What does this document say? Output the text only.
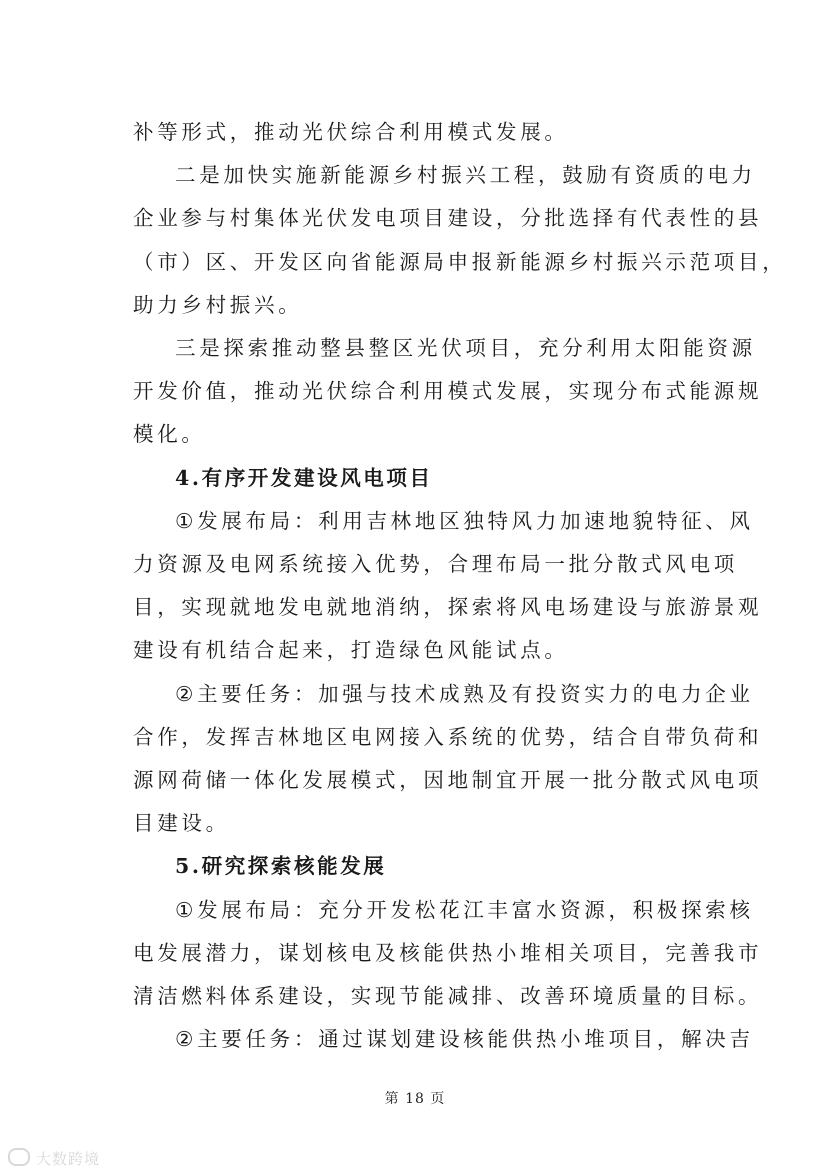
补等形式，推动光伏综合利用模式发展。
二是加快实施新能源乡村振兴工程，鼓励有资质的电力
企业参与村集体光伏发电项目建设，分批选择有代表性的县
（市）区、开发区向省能源局申报新能源乡村振兴示范项目，
助力乡村振兴。
三是探索推动整县整区光伏项目，充分利用太阳能资源
开发价值，推动光伏综合利用模式发展，实现分布式能源规
模化。
4.有序开发建设风电项目
①发展布局：利用吉林地区独特风力加速地貌特征、风
力资源及电网系统接入优势，合理布局一批分散式风电项
目，实现就地发电就地消纳，探索将风电场建设与旅游景观
建设有机结合起来，打造绿色风能试点。
②主要任务：加强与技术成熟及有投资实力的电力企业
合作，发挥吉林地区电网接入系统的优势，结合自带负荷和
源网荷储一体化发展模式，因地制宜开展一批分散式风电项
目建设。
5.研究探索核能发展
①发展布局：充分开发松花江丰富水资源，积极探索核
电发展潜力，谋划核电及核能供热小堆相关项目，完善我市
清洁燃料体系建设，实现节能减排、改善环境质量的目标。
②主要任务：通过谋划建设核能供热小堆项目，解决吉
第 18 页
大数跨境
